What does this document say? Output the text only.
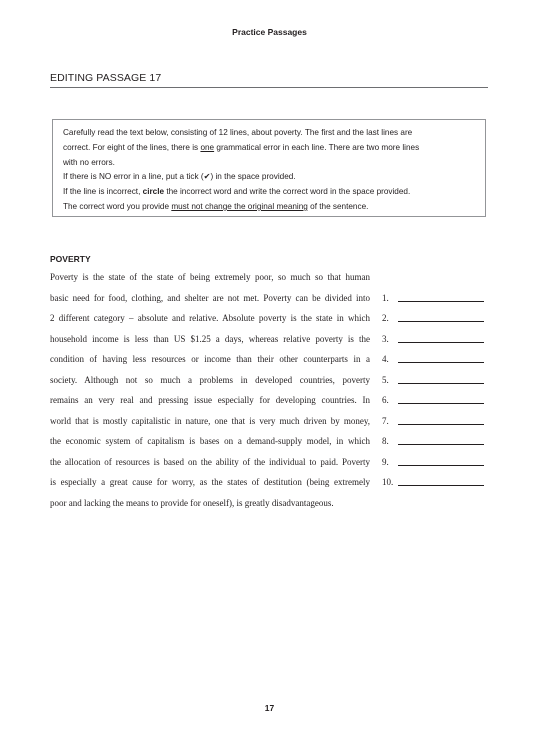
Practice Passages
EDITING PASSAGE 17

Carefully read the text below, consisting of 12 lines, about poverty. The first and the last lines are

correct. For eight of the lines, there is one grammatical error in each line. There are two more lines

with no errors.

If there is NO error in a line, put a tick (✔) in the space provided.

If the line is incorrect, circle the incorrect word and write the correct word in the space provided.

The correct word you provide must not change the original meaning of the sentence.

POVERTY
Poverty is the state of the state of being extremely poor, so much so that human
basic need for food, clothing, and shelter are not met. Poverty can be divided into 1.
2 different category – absolute and relative. Absolute poverty is the state in which 2.
household income is less than US $1.25 a days, whereas relative poverty is the 3.
condition of having less resources or income than their other counterparts in a 4.
society. Although not so much a problems in developed countries, poverty 5.
remains an very real and pressing issue especially for developing countries. In 6.
world that is mostly capitalistic in nature, one that is very much driven by money, 7.
the economic system of capitalism is bases on a demand-supply model, in which 8.
the allocation of resources is based on the ability of the individual to paid. Poverty 9.
is especially a great cause for worry, as the states of destitution (being extremely 10.
poor and lacking the means to provide for oneself), is greatly disadvantageous.
17
